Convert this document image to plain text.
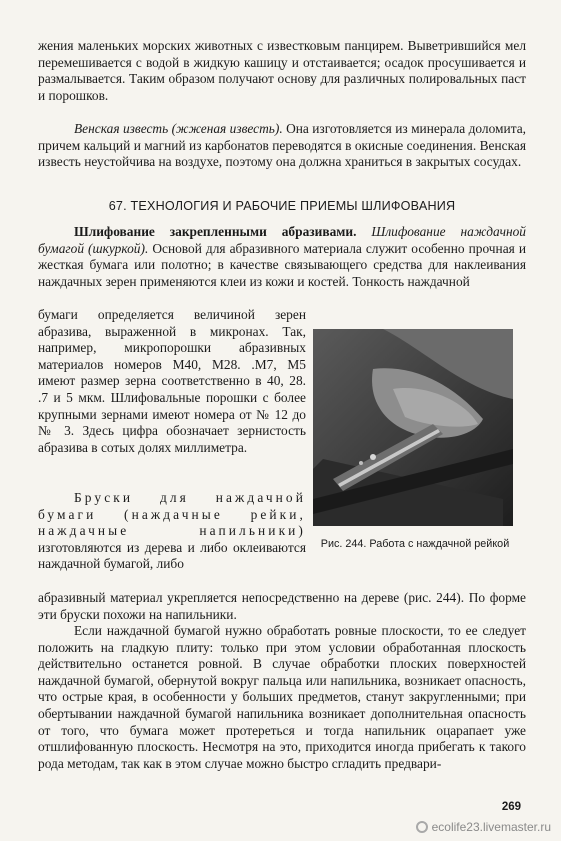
жения маленьких морских животных с известковым панцирем. Выветрившийся мел перемешивается с водой в жидкую кашицу и отстаивается; осадок просушивается и размалывается. Таким образом получают основу для различных полировальных паст и порошков.
Венская известь (жженая известь). Она изготовляется из минерала доломита, причем кальций и магний из карбонатов переводятся в окисные соединения. Венская известь неустойчива на воздухе, поэтому она должна храниться в закрытых сосудах.
67. ТЕХНОЛОГИЯ И РАБОЧИЕ ПРИЕМЫ ШЛИФОВАНИЯ
Шлифование закрепленными абразивами. Шлифование наждачной бумагой (шкуркой). Основой для абразивного материала служит особенно прочная и жесткая бумага или полотно; в качестве связывающего средства для наклеивания наждачных зерен применяются клеи из кожи и костей. Тонкость наждачной
бумаги определяется величиной зерен абразива, выраженной в микронах. Так, например, микропорошки абразивных материалов номеров М40, М28. .М7, М5 имеют размер зерна соответственно в 40, 28. .7 и 5 мкм. Шлифовальные порошки с более крупными зернами имеют номера от № 12 до № 3. Здесь цифра обозначает зернистость абразива в сотых долях миллиметра.
Бруски для наждачной бумаги (наждачные рейки, наждачные напильники) изготовляются из дерева и либо оклеиваются наждачной бумагой, либо
абразивный материал укрепляется непосредственно на дереве (рис. 244). По форме эти бруски похожи на напильники.
Если наждачной бумагой нужно обработать ровные плоскости, то ее следует положить на гладкую плиту: только при этом условии обработанная плоскость действительно останется ровной. В случае обработки плоских поверхностей наждачной бумагой, обернутой вокруг пальца или напильника, возникает опасность, что острые края, в особенности у больших предметов, станут закругленными; при обертывании наждачной бумагой напильника возникает дополнительная опасность от того, что бумага может протереться и тогда напильник оцарапает уже отшлифованную плоскость. Несмотря на это, приходится иногда прибегать к такого рода методам, так как в этом случае можно быстро сгладить предвари-
Рис. 244. Работа с наждачной рейкой
269
ecolife23.livemaster.ru
